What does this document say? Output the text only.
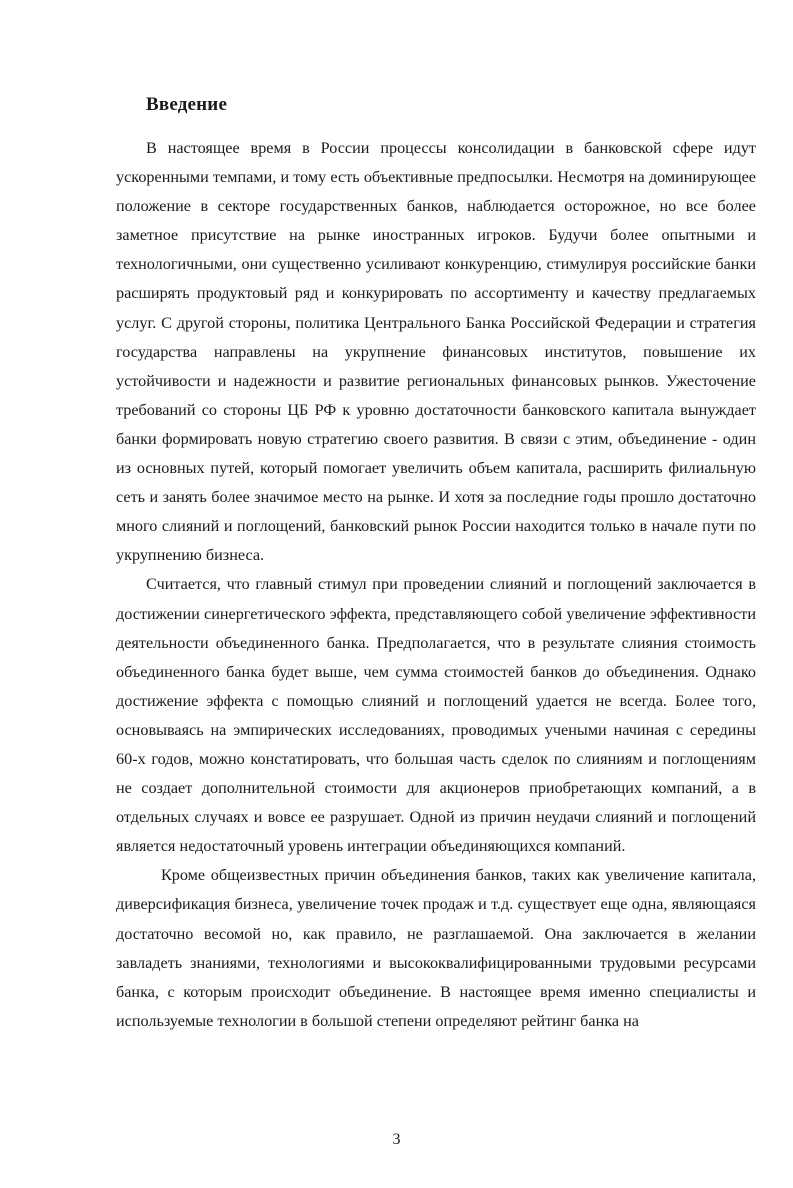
Введение

В настоящее время в России процессы консолидации в банковской сфере идут ускоренными темпами, и тому есть объективные предпосылки. Несмотря на доминирующее положение в секторе государственных банков, наблюдается осторожное, но все более заметное присутствие на рынке иностранных игроков. Будучи более опытными и технологичными, они существенно усиливают конкуренцию, стимулируя российские банки расширять продуктовый ряд и конкурировать по ассортименту и качеству предлагаемых услуг. С другой стороны, политика Центрального Банка Российской Федерации и стратегия государства направлены на укрупнение финансовых институтов, повышение их устойчивости и надежности и развитие региональных финансовых рынков. Ужесточение требований со стороны ЦБ РФ к уровню достаточности банковского капитала вынуждает банки формировать новую стратегию своего развития. В связи с этим, объединение - один из основных путей, который помогает увеличить объем капитала, расширить филиальную сеть и занять более значимое место на рынке. И хотя за последние годы прошло достаточно много слияний и поглощений, банковский рынок России находится только в начале пути по укрупнению бизнеса.

Считается, что главный стимул при проведении слияний и поглощений заключается в достижении синергетического эффекта, представляющего собой увеличение эффективности деятельности объединенного банка. Предполагается, что в результате слияния стоимость объединенного банка будет выше, чем сумма стоимостей банков до объединения. Однако достижение эффекта с помощью слияний и поглощений удается не всегда. Более того, основываясь на эмпирических исследованиях, проводимых учеными начиная с середины 60-х годов, можно констатировать, что большая часть сделок по слияниям и поглощениям не создает дополнительной стоимости для акционеров приобретающих компаний, а в отдельных случаях и вовсе ее разрушает. Одной из причин неудачи слияний и поглощений является недостаточный уровень интеграции объединяющихся компаний.

Кроме общеизвестных причин объединения банков, таких как увеличение капитала, диверсификация бизнеса, увеличение точек продаж и т.д. существует еще одна, являющаяся достаточно весомой но, как правило, не разглашаемой. Она заключается в желании завладеть знаниями, технологиями и высококвалифицированными трудовыми ресурсами банка, с которым происходит объединение. В настоящее время именно специалисты и используемые технологии в большой степени определяют рейтинг банка на

3
